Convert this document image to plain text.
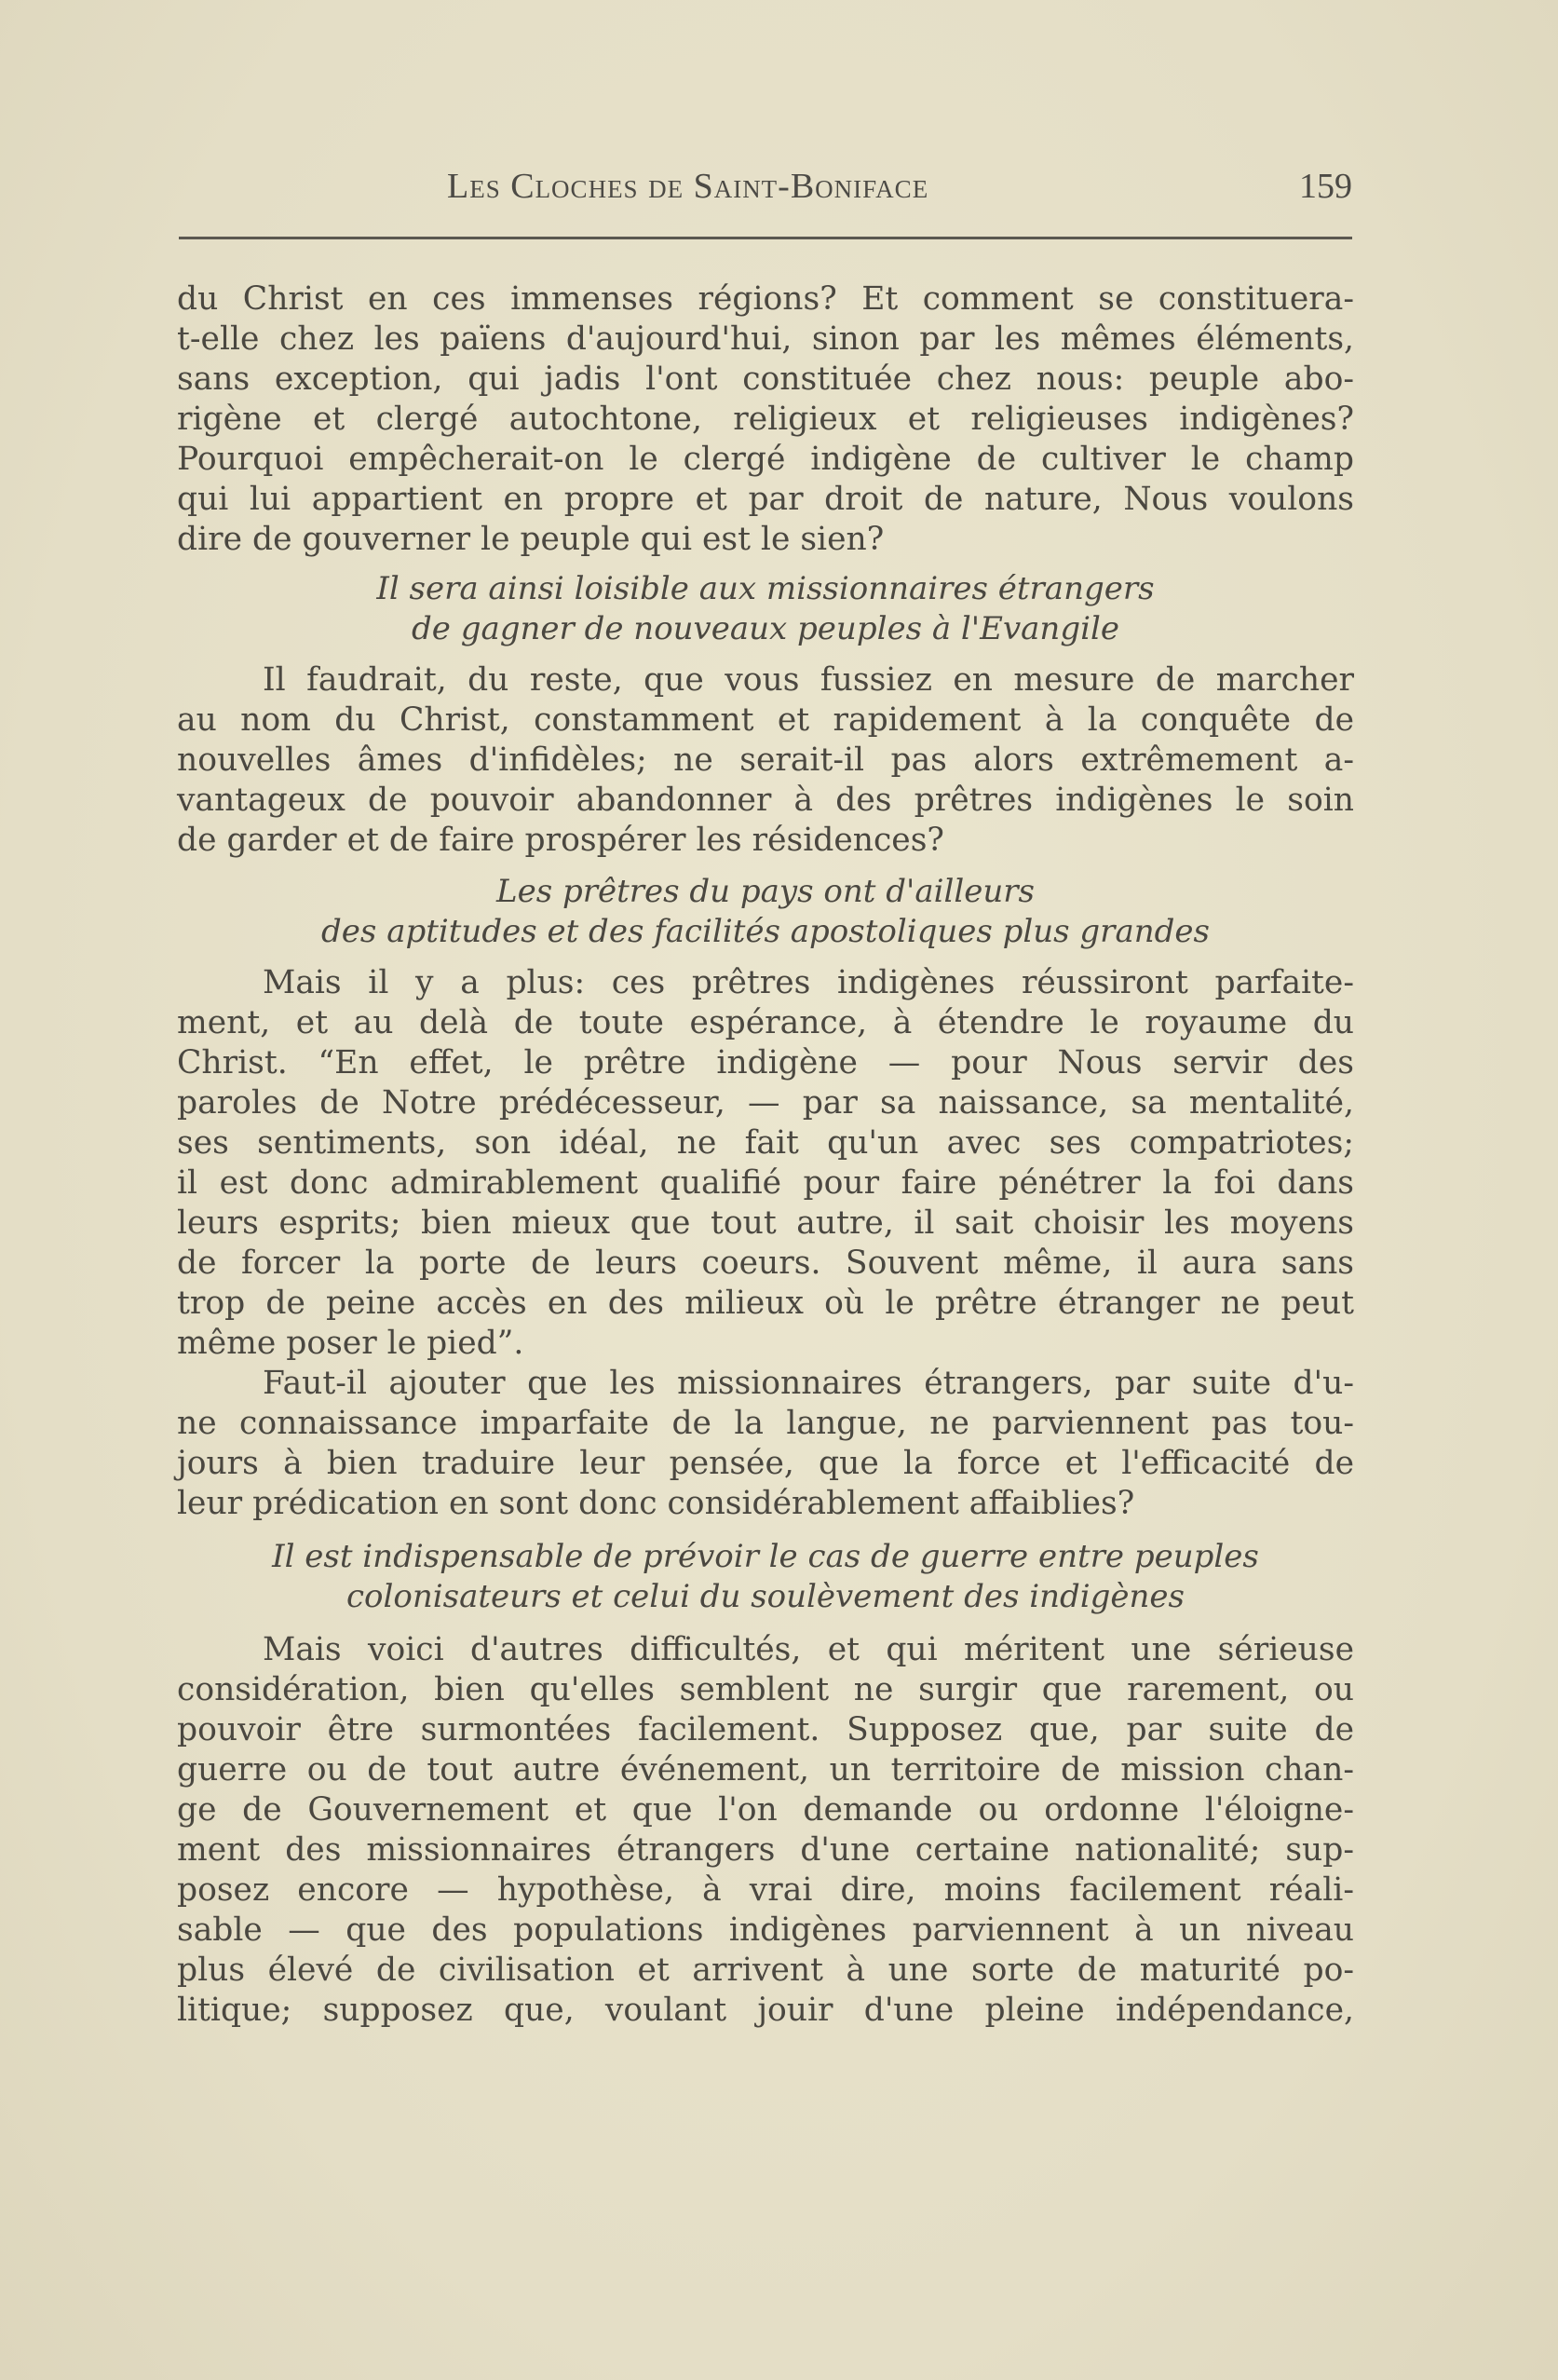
Les Cloches de Saint-Boniface	159

du Christ en ces immenses régions? Et comment se constituera-
t-elle chez les païens d'aujourd'hui, sinon par les mêmes éléments,
sans exception, qui jadis l'ont constituée chez nous: peuple abo-
rigène et clergé autochtone, religieux et religieuses indigènes?
Pourquoi empêcherait-on le clergé indigène de cultiver le champ
qui lui appartient en propre et par droit de nature, Nous voulons
dire de gouverner le peuple qui est le sien?

Il sera ainsi loisible aux missionnaires étrangers
de gagner de nouveaux peuples à l'Evangile

Il faudrait, du reste, que vous fussiez en mesure de marcher
au nom du Christ, constamment et rapidement à la conquête de
nouvelles âmes d'infidèles; ne serait-il pas alors extrêmement a-
vantageux de pouvoir abandonner à des prêtres indigènes le soin
de garder et de faire prospérer les résidences?

Les prêtres du pays ont d'ailleurs
des aptitudes et des facilités apostoliques plus grandes

Mais il y a plus: ces prêtres indigènes réussiront parfaite-
ment, et au delà de toute espérance, à étendre le royaume du
Christ. “En effet, le prêtre indigène — pour Nous servir des
paroles de Notre prédécesseur, — par sa naissance, sa mentalité,
ses sentiments, son idéal, ne fait qu'un avec ses compatriotes;
il est donc admirablement qualifié pour faire pénétrer la foi dans
leurs esprits; bien mieux que tout autre, il sait choisir les moyens
de forcer la porte de leurs coeurs. Souvent même, il aura sans
trop de peine accès en des milieux où le prêtre étranger ne peut
même poser le pied”.

Faut-il ajouter que les missionnaires étrangers, par suite d'u-
ne connaissance imparfaite de la langue, ne parviennent pas tou-
jours à bien traduire leur pensée, que la force et l'efficacité de
leur prédication en sont donc considérablement affaiblies?

Il est indispensable de prévoir le cas de guerre entre peuples
colonisateurs et celui du soulèvement des indigènes

Mais voici d'autres difficultés, et qui méritent une sérieuse
considération, bien qu'elles semblent ne surgir que rarement, ou
pouvoir être surmontées facilement. Supposez que, par suite de
guerre ou de tout autre événement, un territoire de mission chan-
ge de Gouvernement et que l'on demande ou ordonne l'éloigne-
ment des missionnaires étrangers d'une certaine nationalité; sup-
posez encore — hypothèse, à vrai dire, moins facilement réali-
sable — que des populations indigènes parviennent à un niveau
plus élevé de civilisation et arrivent à une sorte de maturité po-
litique; supposez que, voulant jouir d'une pleine indépendance,
